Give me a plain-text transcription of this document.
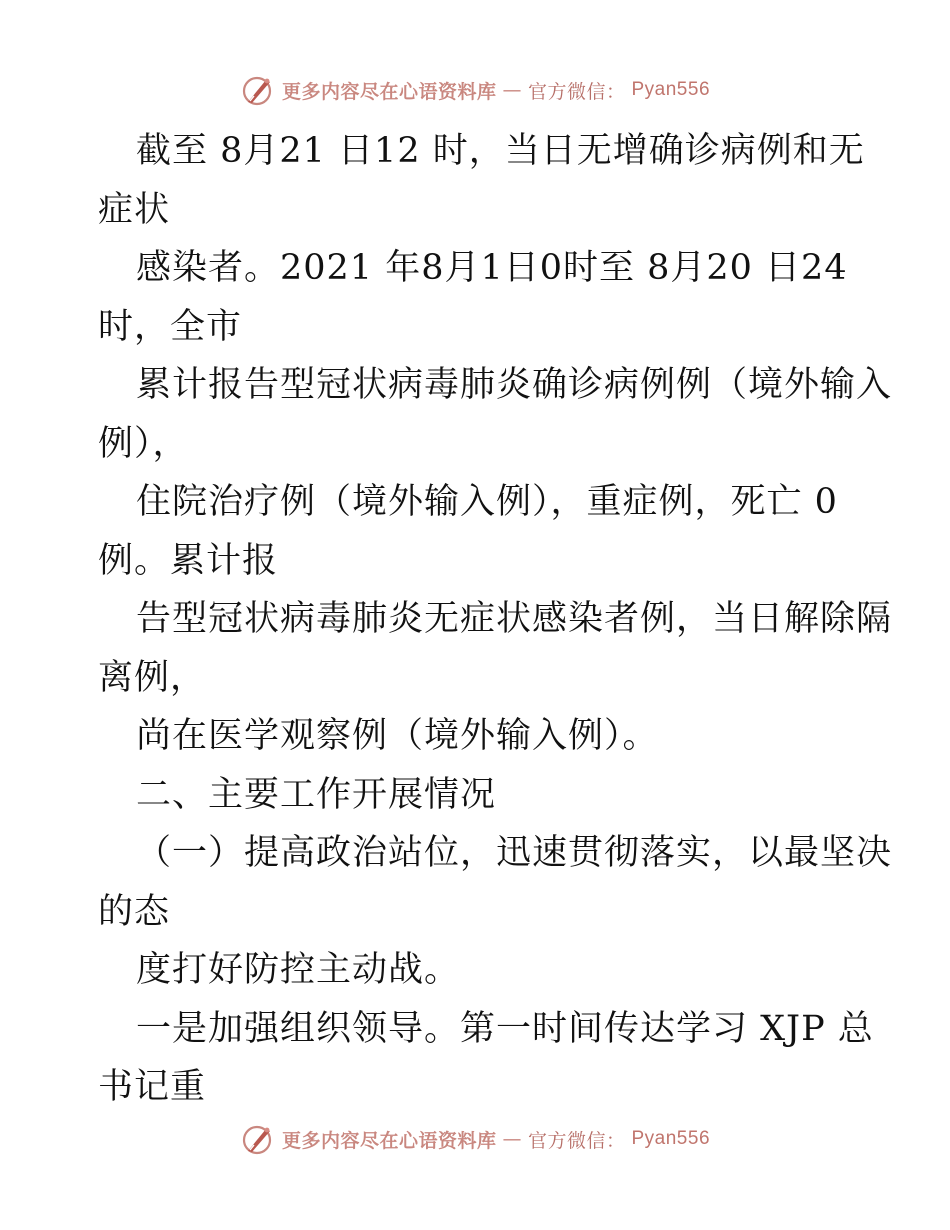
更多内容尽在心语资料库 — 官方微信： Pyan556
截至 8月21 日12 时，当日无增确诊病例和无
症状
感染者。2021 年8月1日0时至 8月20 日24
时，全市
累计报告型冠状病毒肺炎确诊病例例（境外输入
例），
住院治疗例（境外输入例），重症例，死亡 0
例。累计报
告型冠状病毒肺炎无症状感染者例，当日解除隔
离例，
尚在医学观察例（境外输入例）。
二、主要工作开展情况
（一）提高政治站位，迅速贯彻落实，以最坚决
的态
度打好防控主动战。
一是加强组织领导。第一时间传达学习 XJP 总
书记重
更多内容尽在心语资料库 — 官方微信： Pyan556
